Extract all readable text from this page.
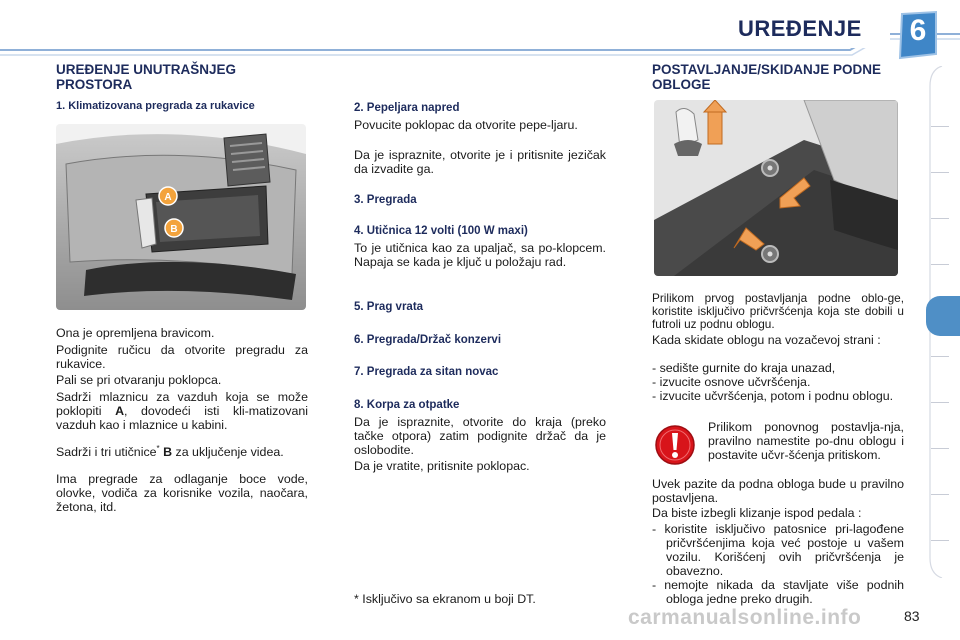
UREĐENJE	6
UREĐENJE UNUTRAŠNJEG PROSTORA
1. Klimatizovana pregrada za rukavice
A
B
Ona je opremljena bravicom.
Podignite ručicu da otvorite pregradu za rukavice.
Pali se pri otvaranju poklopca.
Sadrži mlaznicu za vazduh koja se može poklopiti A, dovodeći isti kli-matizovani vazduh kao i mlaznice u kabini.
Sadrži i tri utičnice* B za uključenje videa.
Ima pregrade za odlaganje boce vode, olovke, vodiča za korisnike vozila, naočara, žetona, itd.
2. Pepeljara napred
Povucite poklopac da otvorite pepe-ljaru.
Da je ispraznite, otvorite je i pritisnite jezičak da izvadite ga.
3. Pregrada
4. Utičnica 12 volti (100 W maxi)
To je utičnica kao za upaljač, sa po-klopcem. Napaja se kada je ključ u položaju rad.
5. Prag vrata
6. Pregrada/Držač konzervi
7. Pregrada za sitan novac
8. Korpa za otpatke
Da je ispraznite, otvorite do kraja (preko tačke otpora) zatim podignite držač da je oslobodite.
Da je vratite, pritisnite poklopac.
* Isključivo sa ekranom u boji DT.
POSTAVLJANJE/SKIDANJE PODNE OBLOGE
Prilikom prvog postavljanja podne oblo-ge, koristite isključivo pričvršćenja koja ste dobili u futroli uz podnu oblogu.
Kada skidate oblogu na vozačevoj strani :
- sedište gurnite do kraja unazad,
- izvucite osnove učvršćenja.
- izvucite učvršćenja, potom i podnu oblogu.
Prilikom ponovnog postavlja-nja, pravilno namestite po-dnu oblogu i postavite učvr-šćenja pritiskom.
Uvek pazite da podna obloga bude u pravilno postavljena.
Da biste izbegli klizanje ispod pedala :
- koristite isključivo patosnice pri-lagođene pričvršćenjima koja već postoje u vašem vozilu. Korišćenj ovih pričvršćenja je obavezno.
- nemojte nikada da stavljate više podnih obloga jedne preko drugih.
carmanualsonline.info	83
